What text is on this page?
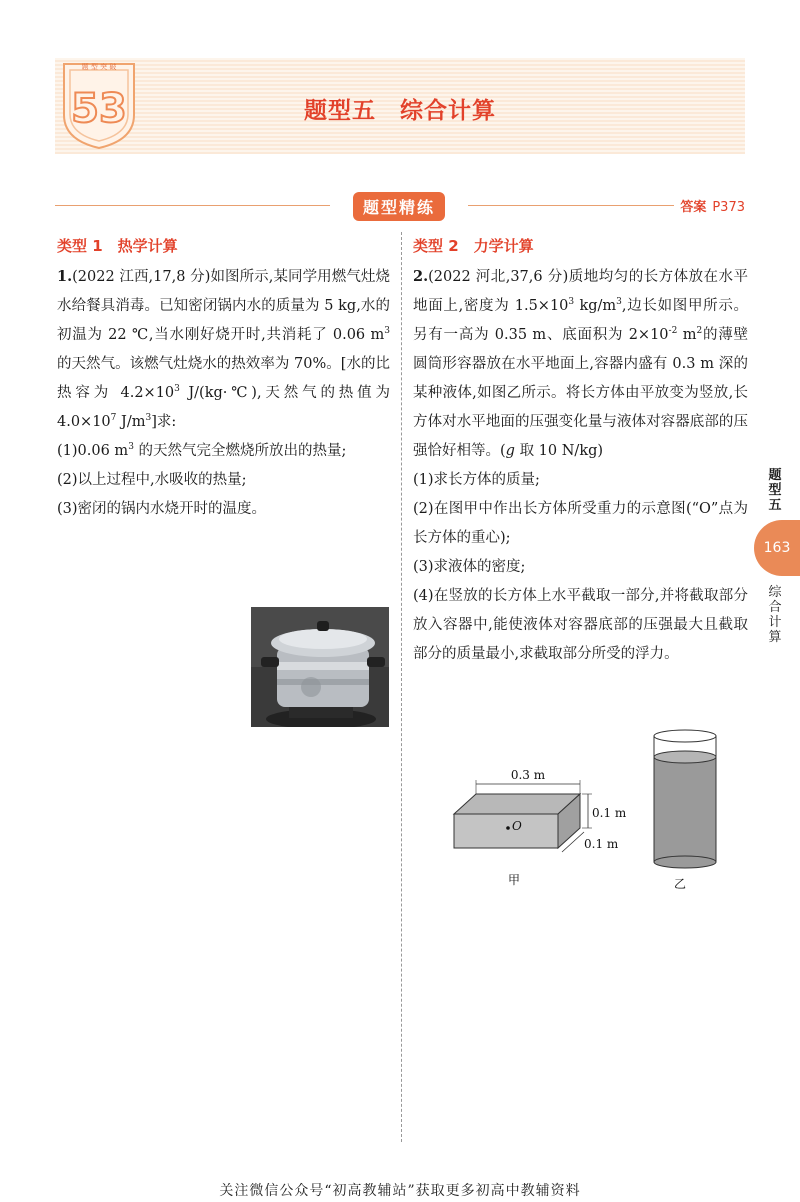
题 型 突 破
53	题型五　综合计算
题型精练	答案 P373
题型五
163
综合计算
类型 1　热学计算
1.(2022 江西,17,8 分)如图所示,某同学用燃气灶烧水给餐具消毒。已知密闭锅内水的质量为 5 kg,水的初温为 22 ℃,当水刚好烧开时,共消耗了 0.06 $m^3$ 的天然气。该燃气灶烧水的热效率为 70%。[水的比热容为 $4.2\times 10^3$ J/(kg·℃),天然气的热值为 $4.0\times 10^7$ $J/m^3$]求:
(1)0.06 $m^3$ 的天然气完全燃烧所放出的热量;
(2)以上过程中,水吸收的热量;
(3)密闭的锅内水烧开时的温度。
类型 2　力学计算
2.(2022 河北,37,6 分)质地均匀的长方体放在水平地面上,密度为 $1.5\times 10^3$ $kg/m^3$,边长如图甲所示。另有一高为 0.35 m、底面积为 $2\times 10^{-2}$ $m^2$的薄壁圆筒形容器放在水平地面上,容器内盛有 0.3 m 深的某种液体,如图乙所示。将长方体由平放变为竖放,长方体对水平地面的压强变化量与液体对容器底部的压强恰好相等。(g 取 10 N/kg)
(1)求长方体的质量;
(2)在图甲中作出长方体所受重力的示意图(“O”点为长方体的重心);
(3)求液体的密度;
(4)在竖放的长方体上水平截取一部分,并将截取部分放入容器中,能使液体对容器底部的压强最大且截取部分的质量最小,求截取部分所受的浮力。
O
0.3 m
0.1 m
0.1 m
甲	乙
关注微信公众号“初高教辅站”获取更多初高中教辅资料
